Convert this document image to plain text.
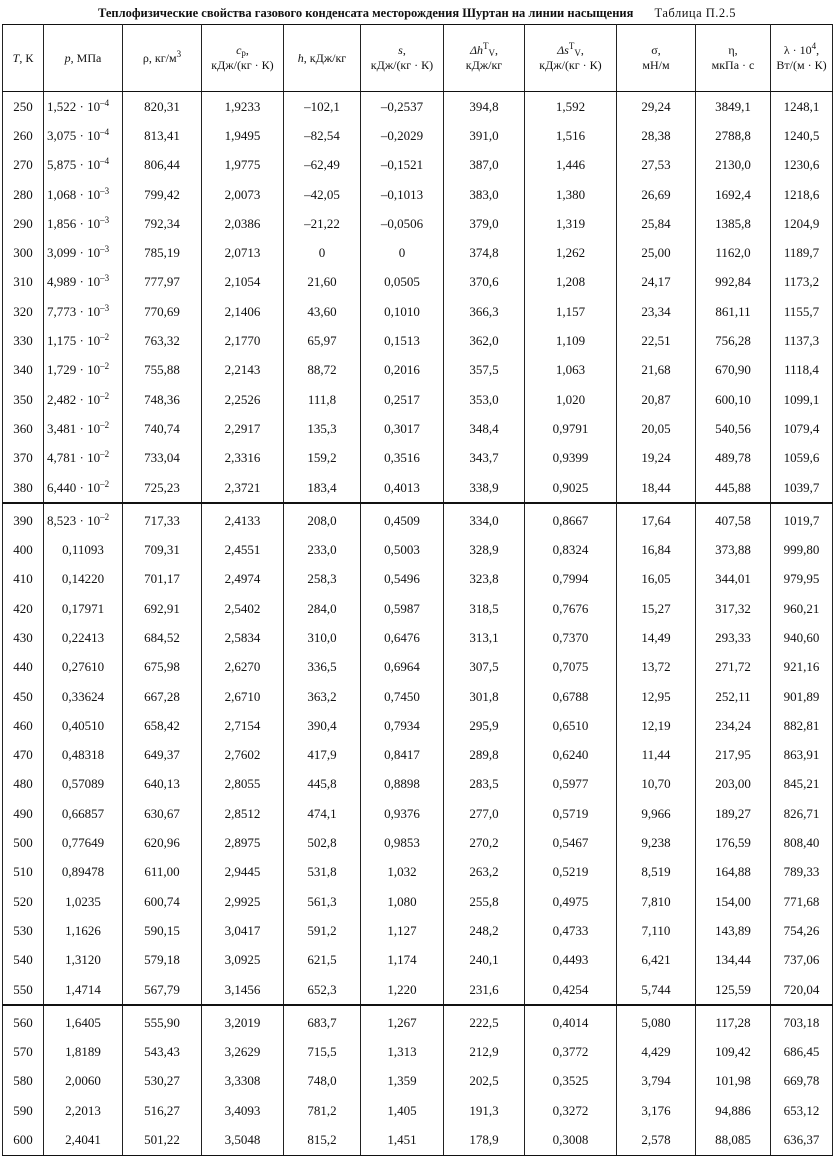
Теплофизические свойства газового конденсата месторождения Шуртан на линии насыщения Таблица П.2.5
T, К	p, МПа	ρ, $кг/м^3$	$c_p$,
кДж/(кг · К)	h, кДж/кг	s,
кДж/(кг · К)	$\Delta h^T_V$,
кДж/кг	$\Delta s^T_V$,
кДж/(кг · К)	σ,
мН/м	η,
мкПа · с	$\lambda \cdot 10^4$,
Вт/(м · К)
250	$1,522 \cdot 10^{-4}$	820,31	1,9233	–102,1	–0,2537	394,8	1,592	29,24	3849,1	1248,1
260	$3,075 \cdot 10^{-4}$	813,41	1,9495	–82,54	–0,2029	391,0	1,516	28,38	2788,8	1240,5
270	$5,875 \cdot 10^{-4}$	806,44	1,9775	–62,49	–0,1521	387,0	1,446	27,53	2130,0	1230,6
280	$1,068 \cdot 10^{-3}$	799,42	2,0073	–42,05	–0,1013	383,0	1,380	26,69	1692,4	1218,6
290	$1,856 \cdot 10^{-3}$	792,34	2,0386	–21,22	–0,0506	379,0	1,319	25,84	1385,8	1204,9
300	$3,099 \cdot 10^{-3}$	785,19	2,0713	0	0	374,8	1,262	25,00	1162,0	1189,7
310	$4,989 \cdot 10^{-3}$	777,97	2,1054	21,60	0,0505	370,6	1,208	24,17	992,84	1173,2
320	$7,773 \cdot 10^{-3}$	770,69	2,1406	43,60	0,1010	366,3	1,157	23,34	861,11	1155,7
330	$1,175 \cdot 10^{-2}$	763,32	2,1770	65,97	0,1513	362,0	1,109	22,51	756,28	1137,3
340	$1,729 \cdot 10^{-2}$	755,88	2,2143	88,72	0,2016	357,5	1,063	21,68	670,90	1118,4
350	$2,482 \cdot 10^{-2}$	748,36	2,2526	111,8	0,2517	353,0	1,020	20,87	600,10	1099,1
360	$3,481 \cdot 10^{-2}$	740,74	2,2917	135,3	0,3017	348,4	0,9791	20,05	540,56	1079,4
370	$4,781 \cdot 10^{-2}$	733,04	2,3316	159,2	0,3516	343,7	0,9399	19,24	489,78	1059,6
380	$6,440 \cdot 10^{-2}$	725,23	2,3721	183,4	0,4013	338,9	0,9025	18,44	445,88	1039,7
390	$8,523 \cdot 10^{-2}$	717,33	2,4133	208,0	0,4509	334,0	0,8667	17,64	407,58	1019,7
400	0,11093	709,31	2,4551	233,0	0,5003	328,9	0,8324	16,84	373,88	999,80
410	0,14220	701,17	2,4974	258,3	0,5496	323,8	0,7994	16,05	344,01	979,95
420	0,17971	692,91	2,5402	284,0	0,5987	318,5	0,7676	15,27	317,32	960,21
430	0,22413	684,52	2,5834	310,0	0,6476	313,1	0,7370	14,49	293,33	940,60
440	0,27610	675,98	2,6270	336,5	0,6964	307,5	0,7075	13,72	271,72	921,16
450	0,33624	667,28	2,6710	363,2	0,7450	301,8	0,6788	12,95	252,11	901,89
460	0,40510	658,42	2,7154	390,4	0,7934	295,9	0,6510	12,19	234,24	882,81
470	0,48318	649,37	2,7602	417,9	0,8417	289,8	0,6240	11,44	217,95	863,91
480	0,57089	640,13	2,8055	445,8	0,8898	283,5	0,5977	10,70	203,00	845,21
490	0,66857	630,67	2,8512	474,1	0,9376	277,0	0,5719	9,966	189,27	826,71
500	0,77649	620,96	2,8975	502,8	0,9853	270,2	0,5467	9,238	176,59	808,40
510	0,89478	611,00	2,9445	531,8	1,032	263,2	0,5219	8,519	164,88	789,33
520	1,0235	600,74	2,9925	561,3	1,080	255,8	0,4975	7,810	154,00	771,68
530	1,1626	590,15	3,0417	591,2	1,127	248,2	0,4733	7,110	143,89	754,26
540	1,3120	579,18	3,0925	621,5	1,174	240,1	0,4493	6,421	134,44	737,06
550	1,4714	567,79	3,1456	652,3	1,220	231,6	0,4254	5,744	125,59	720,04
560	1,6405	555,90	3,2019	683,7	1,267	222,5	0,4014	5,080	117,28	703,18
570	1,8189	543,43	3,2629	715,5	1,313	212,9	0,3772	4,429	109,42	686,45
580	2,0060	530,27	3,3308	748,0	1,359	202,5	0,3525	3,794	101,98	669,78
590	2,2013	516,27	3,4093	781,2	1,405	191,3	0,3272	3,176	94,886	653,12
600	2,4041	501,22	3,5048	815,2	1,451	178,9	0,3008	2,578	88,085	636,37
